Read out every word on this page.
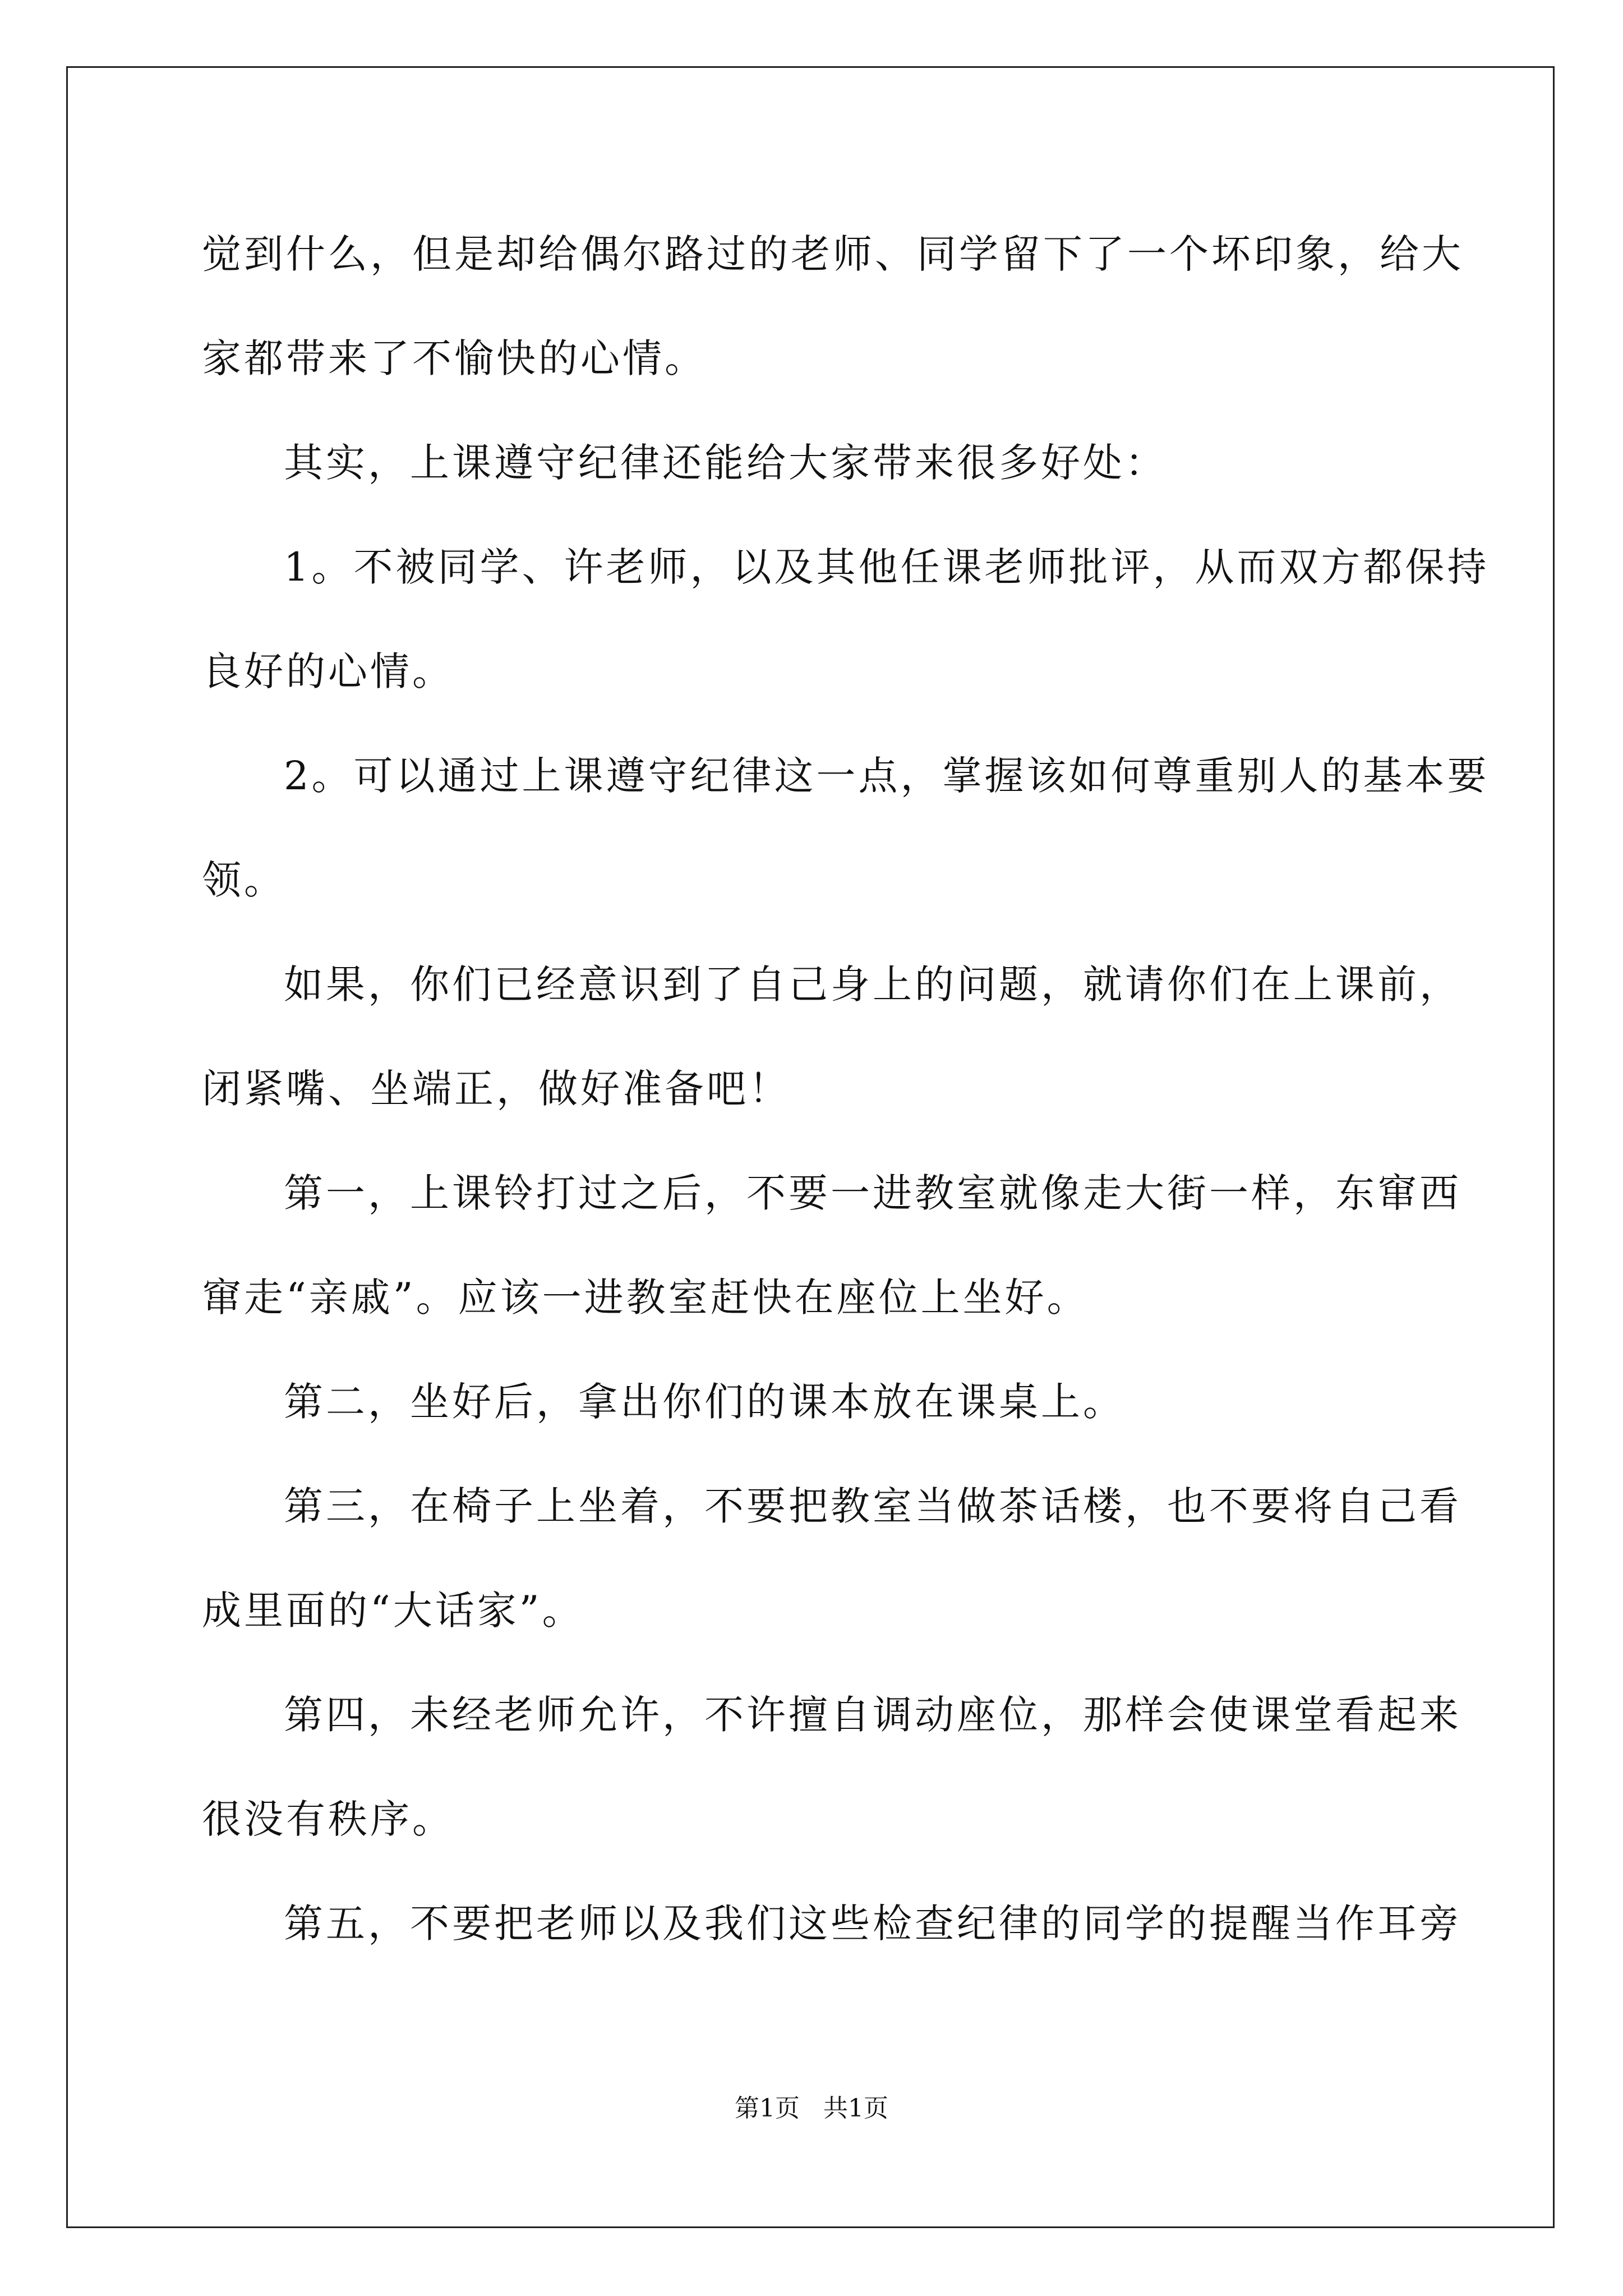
觉到什么，但是却给偶尔路过的老师、同学留下了一个坏印象，给大

家都带来了不愉快的心情。

其实，上课遵守纪律还能给大家带来很多好处：

1。不被同学、许老师，以及其他任课老师批评，从而双方都保持

良好的心情。

2。可以通过上课遵守纪律这一点，掌握该如何尊重别人的基本要

领。

如果，你们已经意识到了自己身上的问题，就请你们在上课前，

闭紧嘴、坐端正，做好准备吧！

第一，上课铃打过之后，不要一进教室就像走大街一样，东窜西

窜走“亲戚”。应该一进教室赶快在座位上坐好。

第二，坐好后，拿出你们的课本放在课桌上。

第三，在椅子上坐着，不要把教室当做茶话楼，也不要将自己看

成里面的“大话家”。

第四，未经老师允许，不许擅自调动座位，那样会使课堂看起来

很没有秩序。

第五，不要把老师以及我们这些检查纪律的同学的提醒当作耳旁

第1页 共1页
